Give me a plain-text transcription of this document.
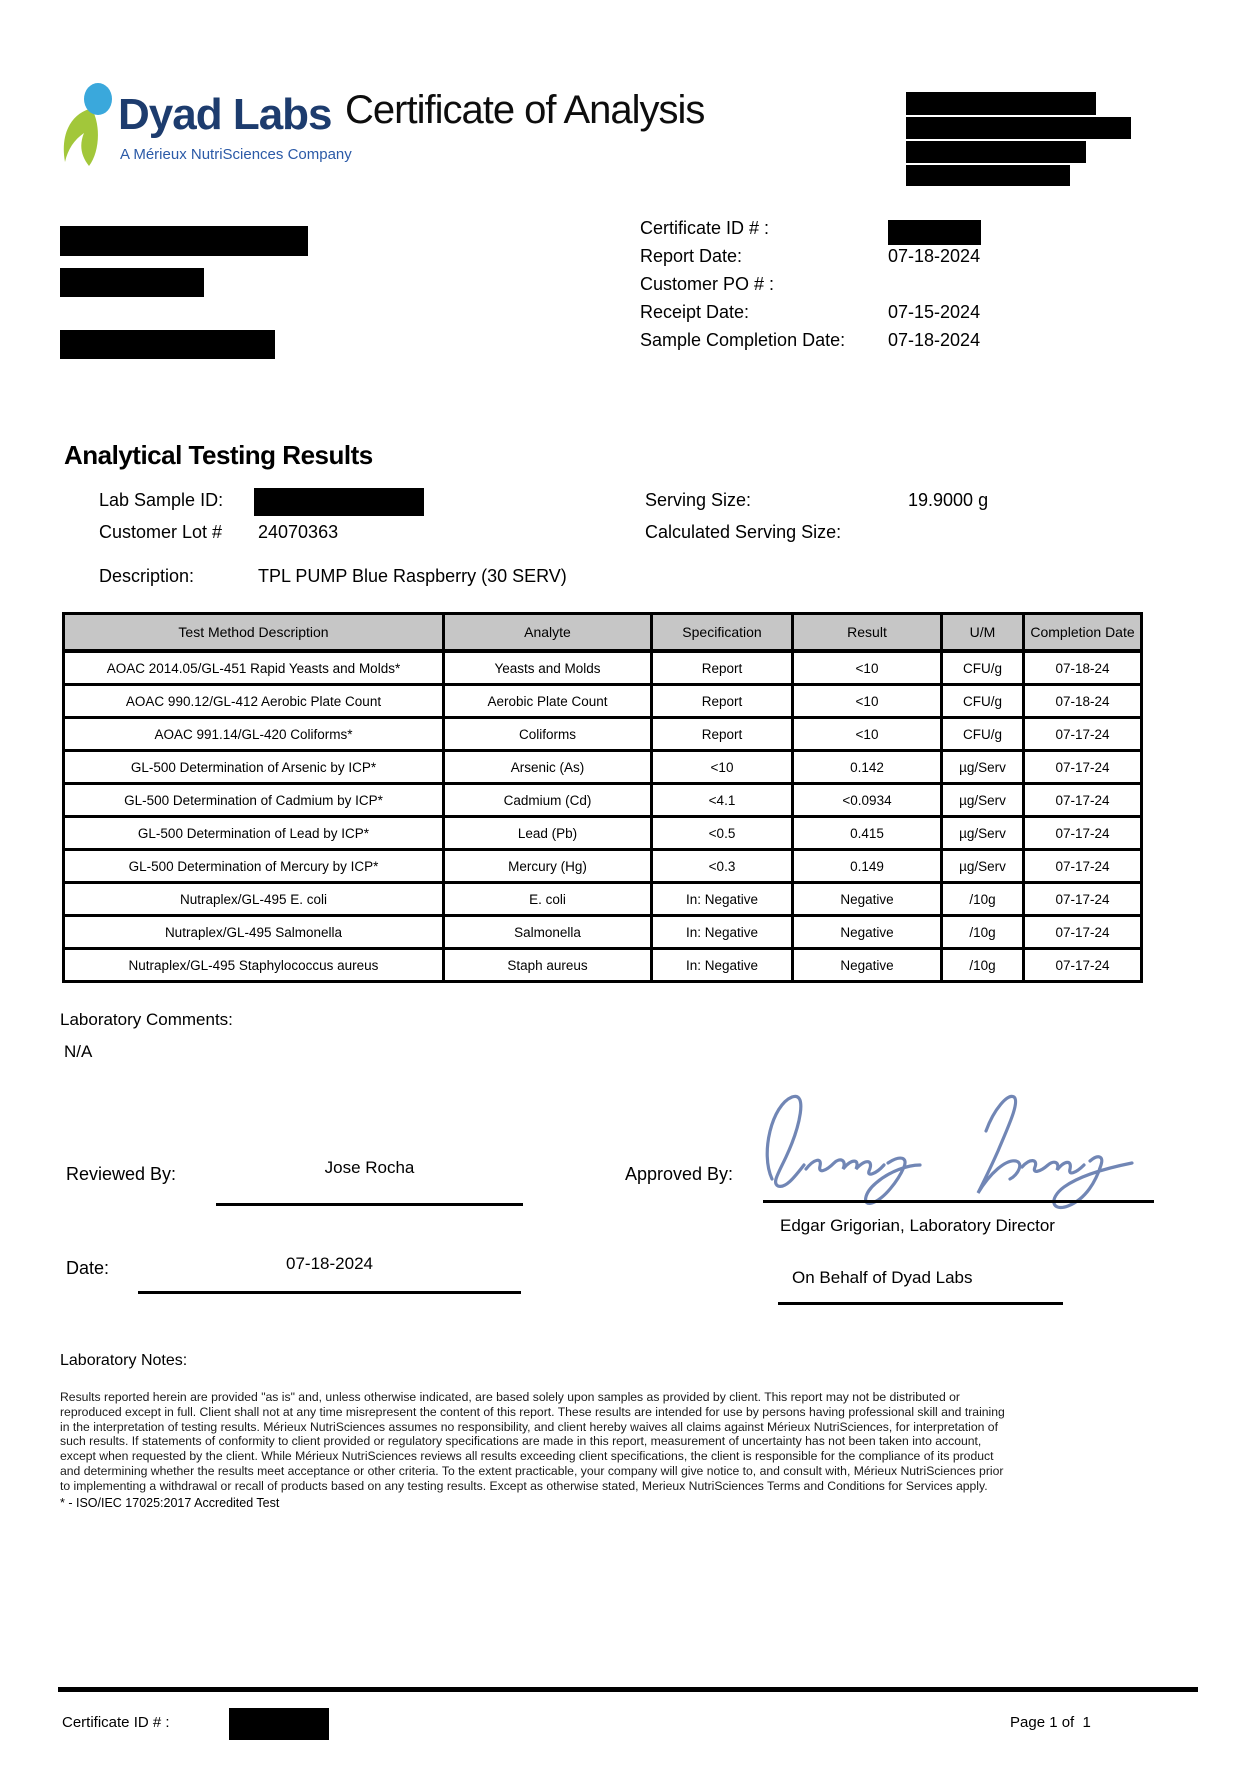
Dyad Labs
A Mérieux NutriSciences Company
Certificate of Analysis
Certificate ID # :
Report Date:	07-18-2024
Customer PO # :
Receipt Date:	07-15-2024
Sample Completion Date: 07-18-2024
Analytical Testing Results
Lab Sample ID:
Customer Lot # 24070363
Serving Size:	19.9000 g
Calculated Serving Size:
Description:	TPL PUMP Blue Raspberry (30 SERV)
Test Method Description	Analyte	Specification	Result	U/M	Completion Date
AOAC 2014.05/GL-451 Rapid Yeasts and Molds*	Yeasts and Molds	Report	<10	CFU/g	07-18-24
AOAC 990.12/GL-412 Aerobic Plate Count	Aerobic Plate Count	Report	<10	CFU/g	07-18-24
AOAC 991.14/GL-420 Coliforms*	Coliforms	Report	<10	CFU/g	07-17-24
GL-500 Determination of Arsenic by ICP*	Arsenic (As)	<10	0.142	µg/Serv	07-17-24
GL-500 Determination of Cadmium by ICP*	Cadmium (Cd)	<4.1	<0.0934	µg/Serv	07-17-24
GL-500 Determination of Lead by ICP*	Lead (Pb)	<0.5	0.415	µg/Serv	07-17-24
GL-500 Determination of Mercury by ICP*	Mercury (Hg)	<0.3	0.149	µg/Serv	07-17-24
Nutraplex/GL-495 E. coli	E. coli	In: Negative	Negative	/10g	07-17-24
Nutraplex/GL-495 Salmonella	Salmonella	In: Negative	Negative	/10g	07-17-24
Nutraplex/GL-495 Staphylococcus aureus	Staph aureus	In: Negative	Negative	/10g	07-17-24
Laboratory Comments:
N/A
Reviewed By:	Jose Rocha
Date:	07-18-2024
Approved By:
Edgar Grigorian, Laboratory Director
On Behalf of Dyad Labs
Laboratory Notes:
Results reported herein are provided "as is" and, unless otherwise indicated, are based solely upon samples as provided by client. This report may not be distributed or
reproduced except in full. Client shall not at any time misrepresent the content of this report. These results are intended for use by persons having professional skill and training
in the interpretation of testing results. Mérieux NutriSciences assumes no responsibility, and client hereby waives all claims against Mérieux NutriSciences, for interpretation of
such results. If statements of conformity to client provided or regulatory specifications are made in this report, measurement of uncertainty has not been taken into account,
except when requested by the client. While Mérieux NutriSciences reviews all results exceeding client specifications, the client is responsible for the compliance of its product
and determining whether the results meet acceptance or other criteria. To the extent practicable, your company will give notice to, and consult with, Mérieux NutriSciences prior
to implementing a withdrawal or recall of products based on any testing results. Except as otherwise stated, Merieux NutriSciences Terms and Conditions for Services apply.
* - ISO/IEC 17025:2017 Accredited Test
Certificate ID # :	Page 1 of  1
